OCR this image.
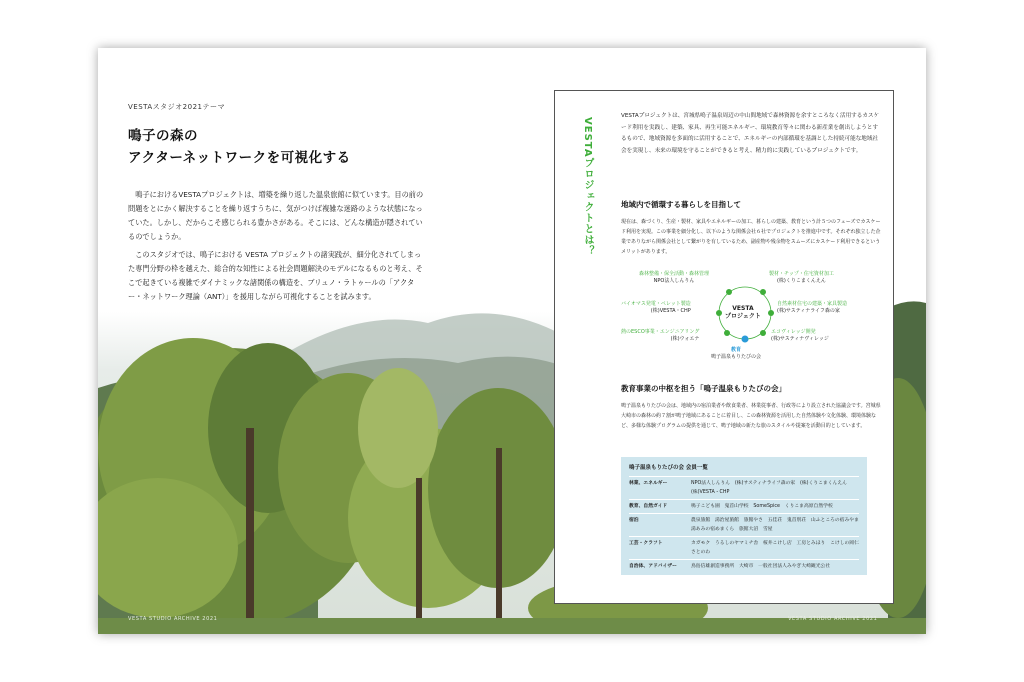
VESTAスタジオ2021テーマ
鳴子の森の
アクターネットワークを可視化する

鳴子におけるVESTAプロジェクトは、増築を繰り返した温泉旅館に似ています。目の前の問題をとにかく解決することを繰り返すうちに、気がつけば複雑な迷路のような状態になっていた。しかし、だからこそ感じられる豊かさがある。そこには、どんな構造が隠されているのでしょうか。

このスタジオでは、鳴子における VESTA プロジェクトの諸実践が、細分化されてしまった専門分野の枠を越えた、総合的な知性による社会問題解決のモデルになるものと考え、そこで起きている複雑でダイナミックな諸関係の構造を、ブリュノ・ラトゥールの「アクター・ネットワーク理論（ANT）」を援用しながら可視化することを試みます。

VESTA STUDIO ARCHIVE 2021	VESTA STUDIO ARCHIVE 2021
VESTAプロジェクトとは？
VESTAプロジェクトは、宮城県鳴子温泉周辺の中山間地域で森林資源を余すところなく活用するカスケード利用を実践し、建築、家具、再生可能エネルギー、環境教育等々に関わる新産業を創出しようとするもので、地域資源を多面的に活用することで、エネルギーの内部循環を基調とした持続可能な地域社会を実現し、未来の環境を守ることができると考え、精力的に実践しているプロジェクトです。
地域内で循環する暮らしを目指して
現在は、森づくり、生産・製材、家具やエネルギーの加工、暮らしの建築、教育という計５つのフェーズでカスケード利用を実現。この事業を細分化し、以下のような関係会社６社でプロジェクトを推進中です。それぞれ独立した企業でありながら関係会社として繋がりを有しているため、副産物や残余物をスムーズにカスケード利用できるというメリットがあります。
VESTA
プロジェクト
森林整備・保全活動・森林管理
NPO法人しんりん
製材・チップ・住宅資材加工
(株)くりこまくんえん
自然素材住宅の建築・家具製造
(株)サスティナライフ森の家
エコヴィレッジ開発
(株)サスティナヴィレッジ
教育
鳴子温泉もりたびの会
熱のESCO事業・エンジニアリング
(株)ウォエナ
バイオマス発電・ペレット製造
(株)VESTA・CHP
教育事業の中枢を担う「鳴子温泉もりたびの会」
鳴子温泉もりたびの会は、地域内の宿泊業者や飲食業者、林業従事者、行政等により設立された協議会です。宮城県大崎市の森林の約７割が鳴子地域にあることに着目し、この森林資源を活用した自然体験や文化体験、環境体験など、多様な体験プログラムの提供を通じて、鳴子地域の新たな旅のスタイルや提案を活動目的としています。
鳴子温泉もりたびの会 会員一覧
林業、エネルギー	NPO法人しんりん　(株)サスティナライフ森の家　(株)くりこまくんえん　(株)VESTA・CHP
教育、自然ガイド	鳴子こども園　鬼首山学校　SomeSpice　くりこま高原自然学校
宿泊	農泉旅館　湯治屋旅館　旅館やさ　五佳荘　鬼首別荘　山ふところの宿みやま　湯あみの宿めまくら　旅館大沼　雪屋
工芸・クラフト	カガモク　うるしのヤマミチ舎　桜井こけし店　工房とみほり　こけしの岡仁　さとのわ
自治体、アドバイザー	鳥島信雄創造事務所　大崎市　一般社団法人みやぎ大崎観光公社
